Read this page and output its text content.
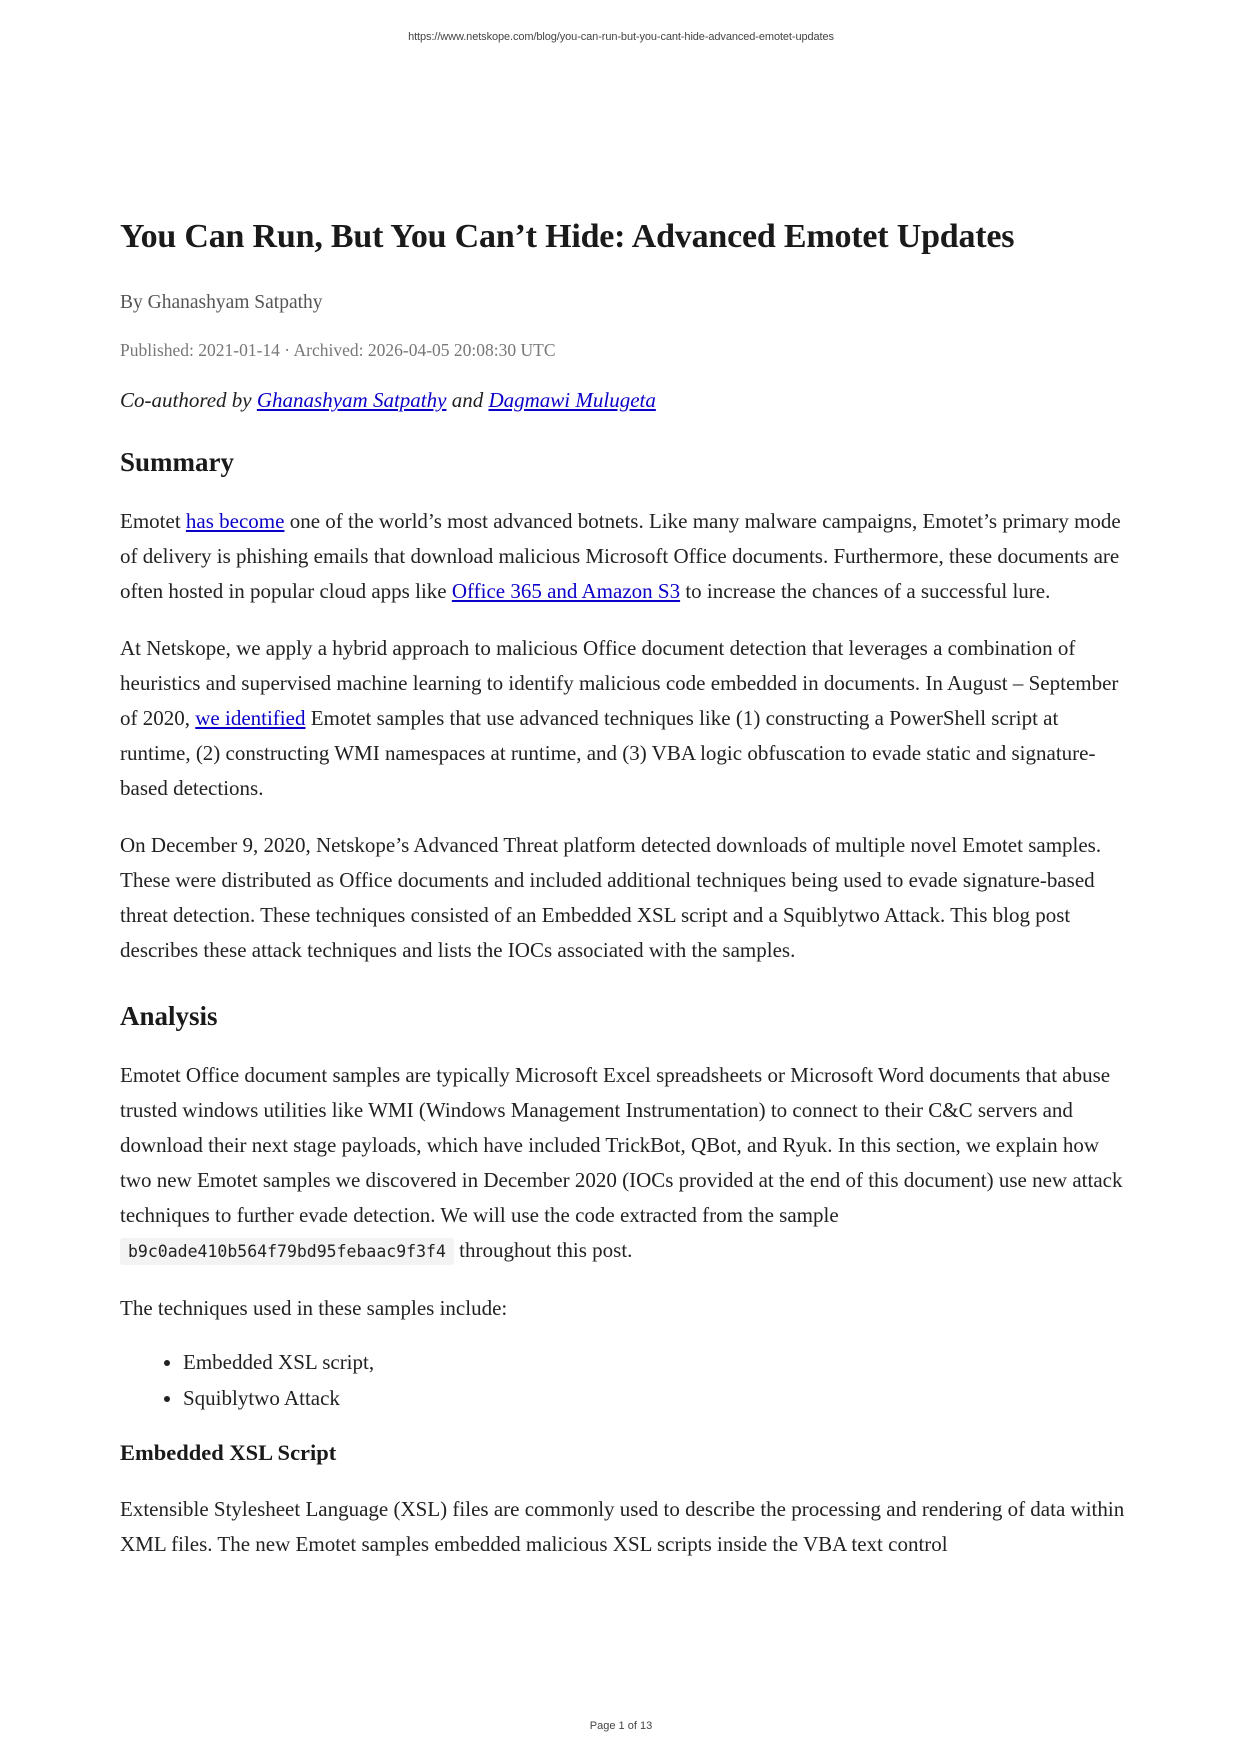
https://www.netskope.com/blog/you-can-run-but-you-cant-hide-advanced-emotet-updates
You Can Run, But You Can’t Hide: Advanced Emotet Updates
By Ghanashyam Satpathy
Published: 2021-01-14 · Archived: 2026-04-05 20:08:30 UTC
Co-authored by Ghanashyam Satpathy and Dagmawi Mulugeta
Summary

Emotet has become one of the world’s most advanced botnets. Like many malware campaigns, Emotet’s primary mode of delivery is phishing emails that download malicious Microsoft Office documents. Furthermore, these documents are often hosted in popular cloud apps like Office 365 and Amazon S3 to increase the chances of a successful lure.

At Netskope, we apply a hybrid approach to malicious Office document detection that leverages a combination of heuristics and supervised machine learning to identify malicious code embedded in documents. In August – September of 2020, we identified Emotet samples that use advanced techniques like (1) constructing a PowerShell script at runtime, (2) constructing WMI namespaces at runtime, and (3) VBA logic obfuscation to evade static and signature-based detections.

On December 9, 2020, Netskope’s Advanced Threat platform detected downloads of multiple novel Emotet samples. These were distributed as Office documents and included additional techniques being used to evade signature-based threat detection. These techniques consisted of an Embedded XSL script and a Squiblytwo Attack. This blog post describes these attack techniques and lists the IOCs associated with the samples.

Analysis

Emotet Office document samples are typically Microsoft Excel spreadsheets or Microsoft Word documents that abuse trusted windows utilities like WMI (Windows Management Instrumentation) to connect to their C&C servers and download their next stage payloads, which have included TrickBot, QBot, and Ryuk. In this section, we explain how two new Emotet samples we discovered in December 2020 (IOCs provided at the end of this document) use new attack techniques to further evade detection. We will use the code extracted from the sample b9c0ade410b564f79bd95febaac9f3f4 throughout this post.

The techniques used in these samples include:

• Embedded XSL script,
• Squiblytwo Attack
Embedded XSL Script

Extensible Stylesheet Language (XSL) files are commonly used to describe the processing and rendering of data within XML files. The new Emotet samples embedded malicious XSL scripts inside the VBA text control

Page 1 of 13
